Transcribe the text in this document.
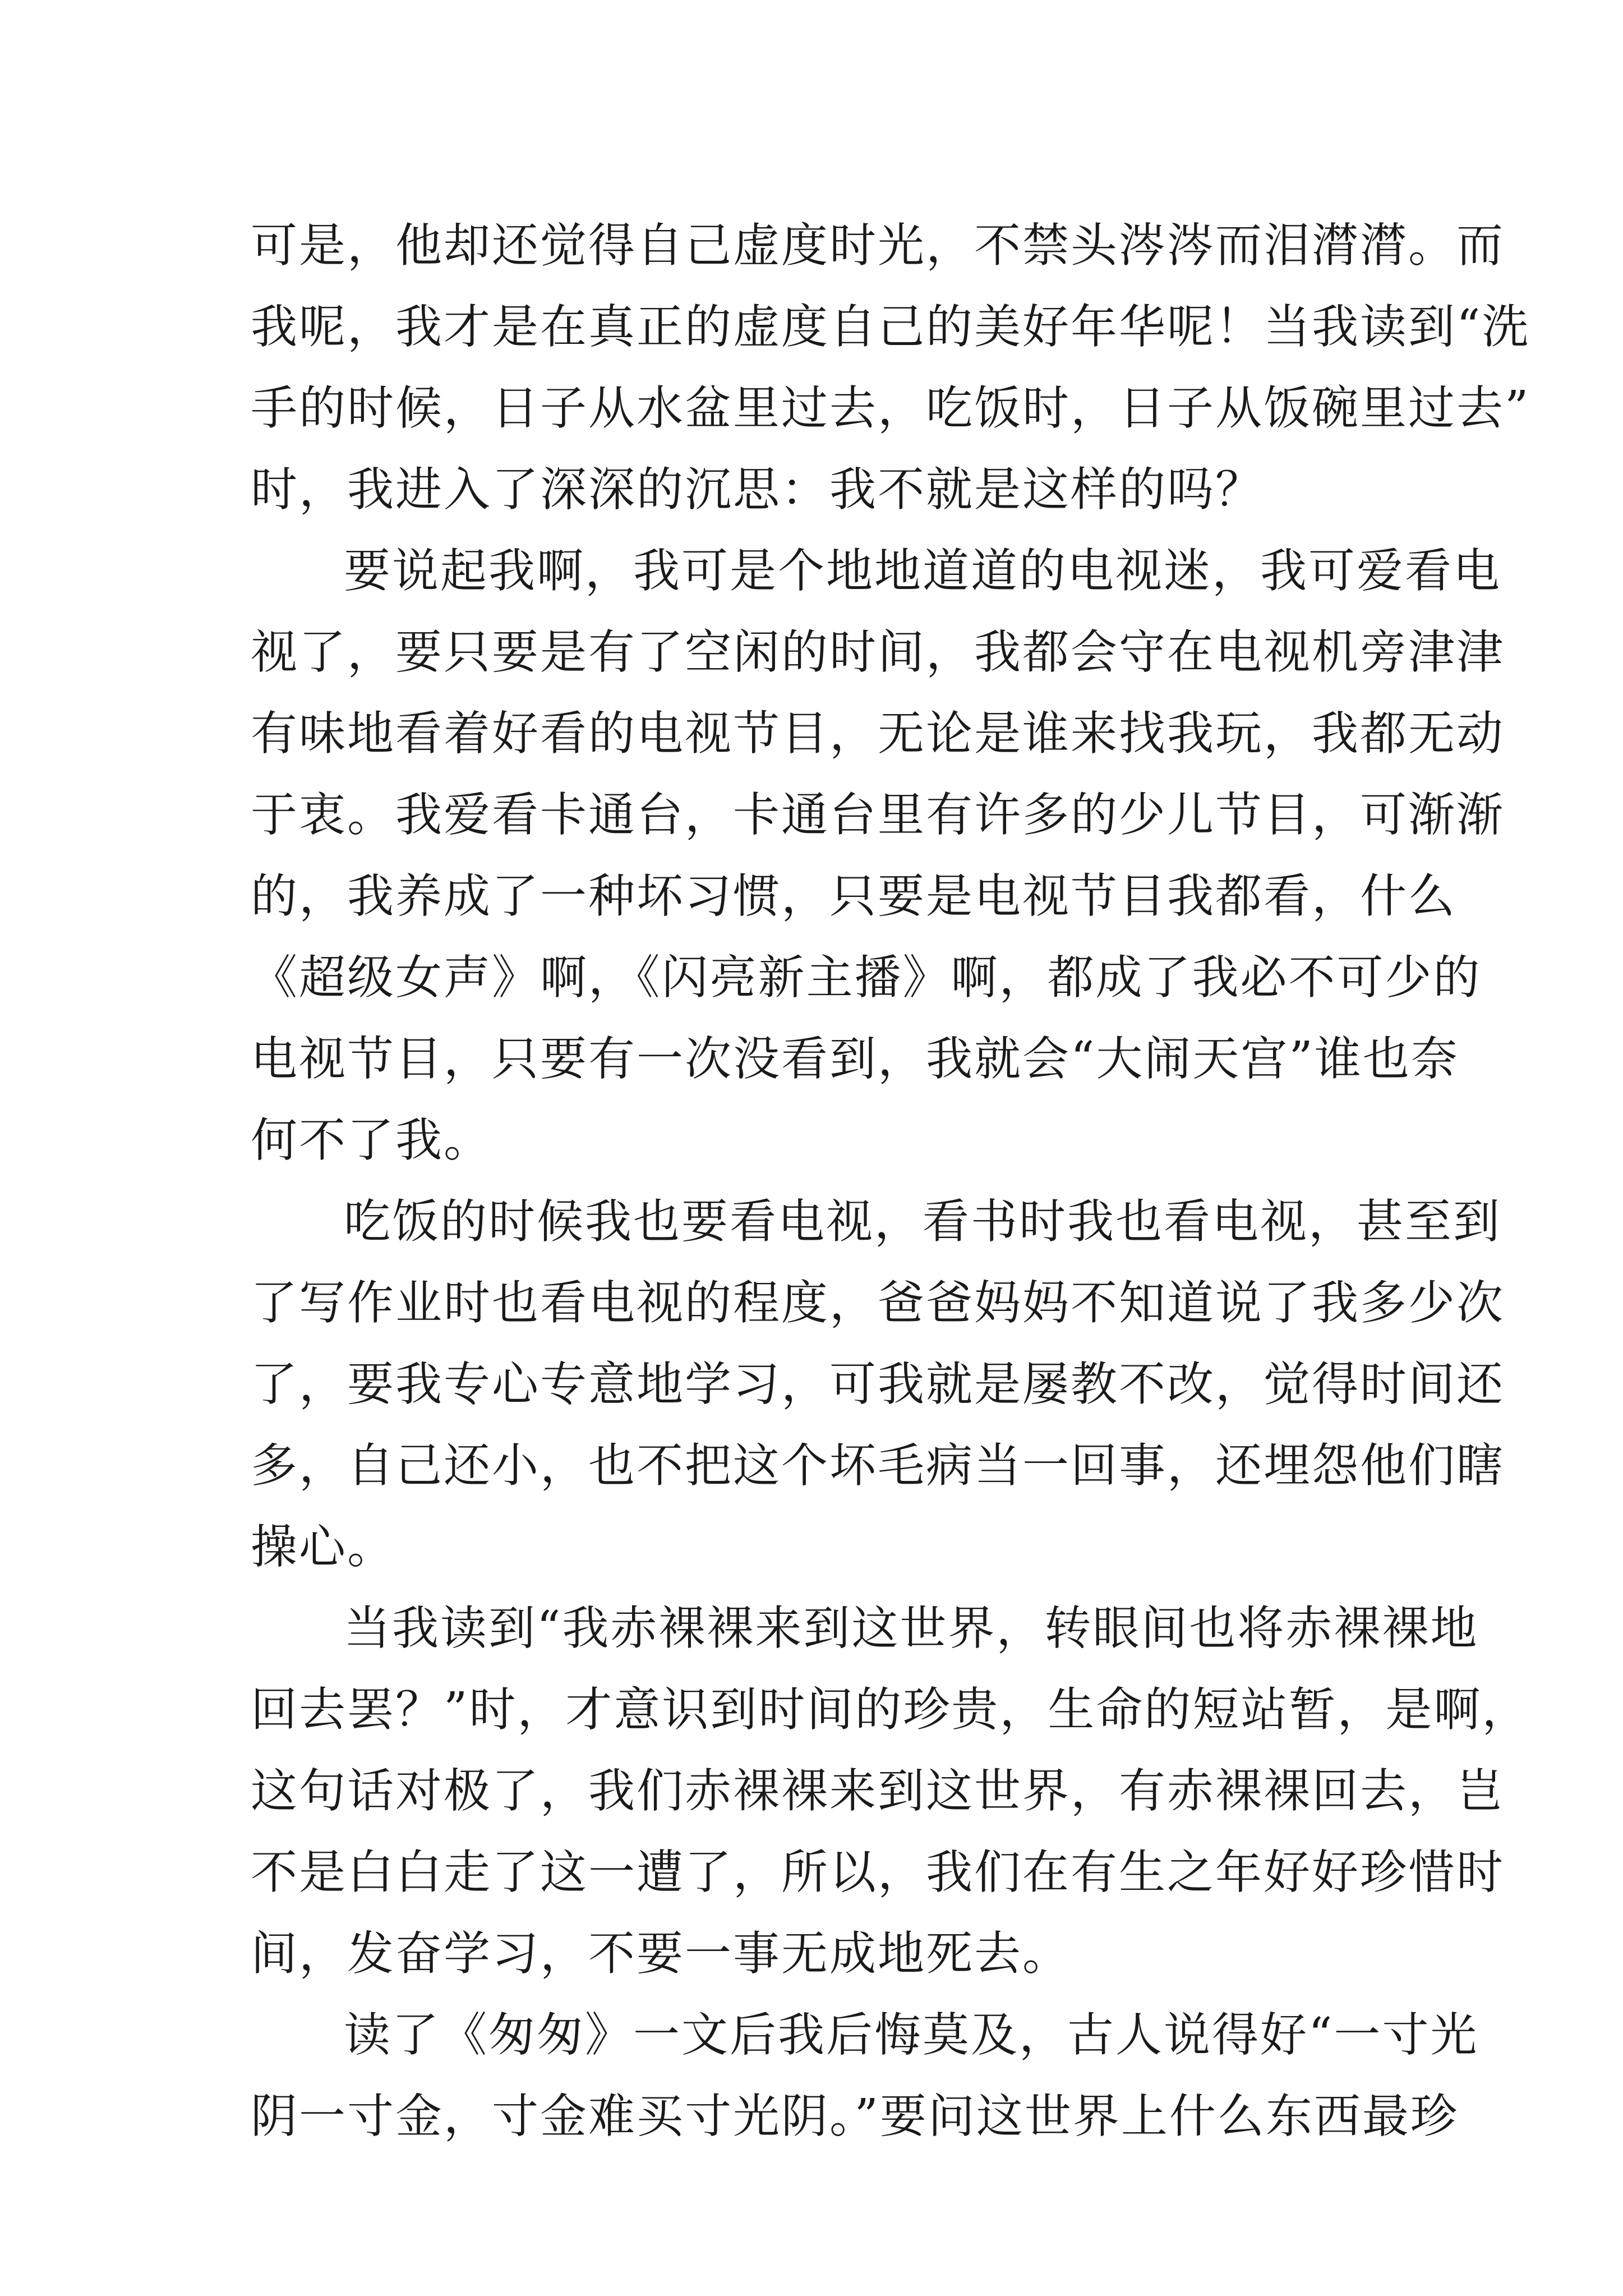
可是，他却还觉得自己虚度时光，不禁头涔涔而泪潸潸。而
我呢，我才是在真正的虚度自己的美好年华呢！当我读到“洗
手的时候，日子从水盆里过去，吃饭时，日子从饭碗里过去”
时，我进入了深深的沉思：我不就是这样的吗？
要说起我啊，我可是个地地道道的电视迷，我可爱看电
视了，要只要是有了空闲的时间，我都会守在电视机旁津津
有味地看着好看的电视节目，无论是谁来找我玩，我都无动
于衷。我爱看卡通台，卡通台里有许多的少儿节目，可渐渐
的，我养成了一种坏习惯，只要是电视节目我都看，什么
《超级女声》啊，《闪亮新主播》啊，都成了我必不可少的
电视节目，只要有一次没看到，我就会“大闹天宫”谁也奈
何不了我。
吃饭的时候我也要看电视，看书时我也看电视，甚至到
了写作业时也看电视的程度，爸爸妈妈不知道说了我多少次
了，要我专心专意地学习，可我就是屡教不改，觉得时间还
多，自己还小，也不把这个坏毛病当一回事，还埋怨他们瞎
操心。
当我读到“我赤裸裸来到这世界，转眼间也将赤裸裸地
回去罢？”时，才意识到时间的珍贵，生命的短站暂，是啊，
这句话对极了，我们赤裸裸来到这世界，有赤裸裸回去，岂
不是白白走了这一遭了，所以，我们在有生之年好好珍惜时
间，发奋学习，不要一事无成地死去。
读了《匆匆》一文后我后悔莫及，古人说得好“一寸光
阴一寸金，寸金难买寸光阴。”要问这世界上什么东西最珍
